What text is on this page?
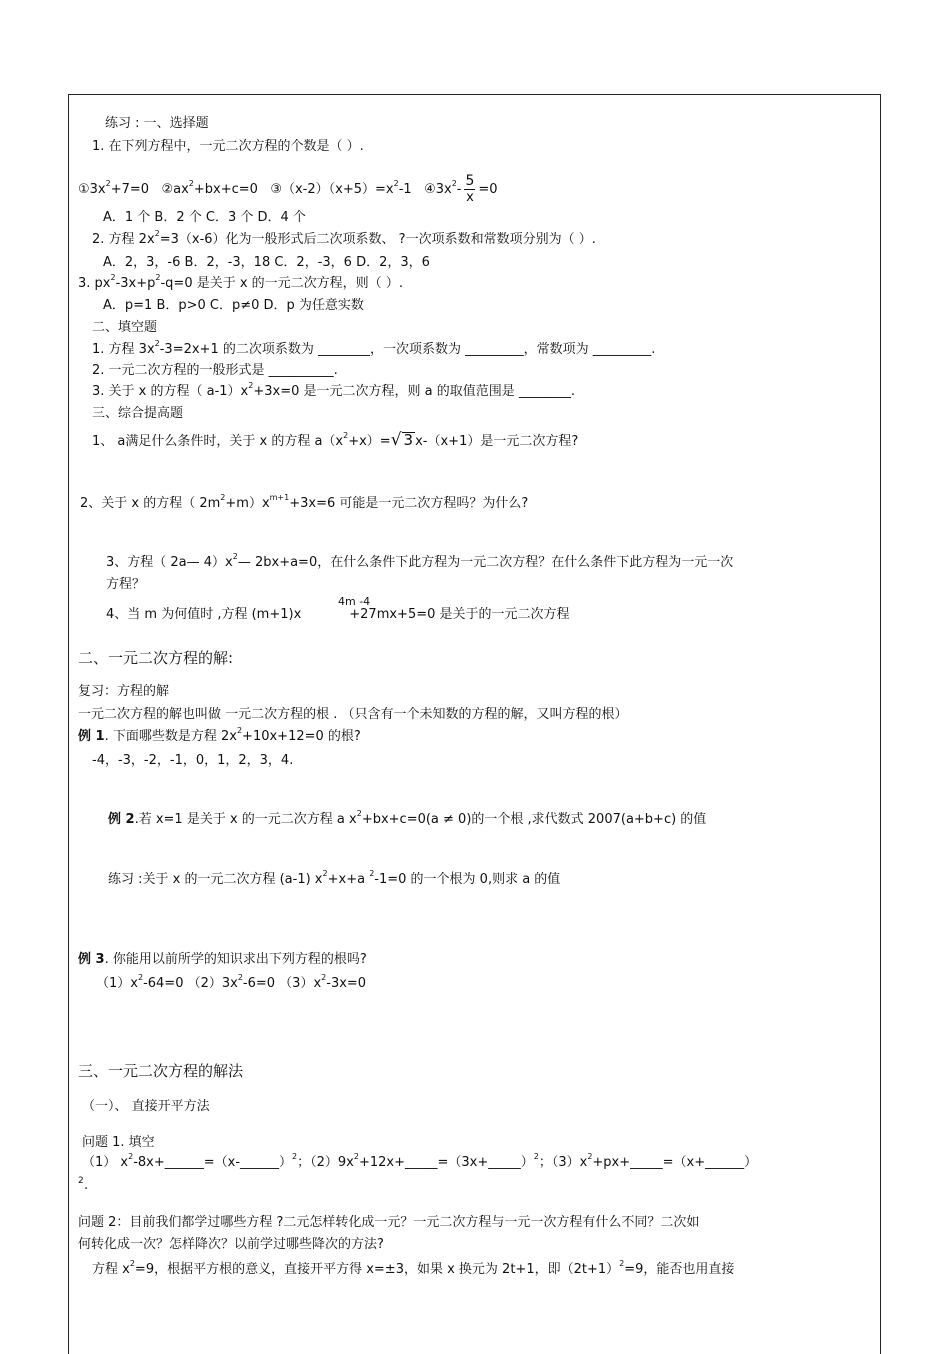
练习 : 一、选择题
1. 在下列方程中，一元二次方程的个数是（ ）.
$①3x^2+7=0$ $②ax^2+bx+c=0$ $③(x-2)(x+5)=x^2-1$ $④3x^2- \frac{5}{x} =0$
A．1 个 B．2 个 C．3 个 D．4 个
2. 方程 $2x^2=3(x-6)$化为一般形式后二次项系数、 ?一次项系数和常数项分别为（ ）.
A．2，3，-6 B．2，-3，18 C．2，-3，6 D．2，3，6
3. $px^2-3x+p^2-q=0$ 是关于 x 的一元二次方程，则（ ）.
A．p=1 B．p>0 C．p≠0 D．p 为任意实数
二、填空题
1. 方程 $3x^2-3=2x+1$ 的二次项系数为 ________，一次项系数为 _________，常数项为 _________.
2. 一元二次方程的一般形式是 __________.
3. 关于 x 的方程（ $a-1)x^2+3x=0$ 是一元二次方程，则 a 的取值范围是 ________.
三、综合提高题
1、 a满足什么条件时，关于 x 的方程 $a(x^2+x)=√$ 3 x-（x+1）是一元二次方程?
2、关于 x 的方程（ $2m^2+m)x^{m+1}+3x=6$ 可能是一元二次方程吗？为什么?
3、方程（ 2a— $4)x^2—$ 2bx+a=0，在什么条件下此方程为一元二次方程？在什么条件下此方程为一元一次
方程？
4m -4
4、当 m 为何值时 ,方程 (m+1)x	+27mx+5=0 是关于的一元二次方程
二、一元二次方程的解:
复习：方程的解
一元二次方程的解也叫做 一元二次方程的根 . （只含有一个未知数的方程的解，又叫方程的根）
例 1. 下面哪些数是方程 $2x^2+10x+12=0$ 的根?
-4，-3，-2，-1，0，1，2，3，4.
例 2.若 x=1 是关于 x 的一元二次方程 a $x^2+bx+c=0(a \ne 0)$的一个根 ,求代数式 2007(a+b+c) 的值
练习 :关于 x 的一元二次方程 (a-1) $x^2+x+a$ $^2$-1=0 的一个根为 0,则求 a 的值
例 3. 你能用以前所学的知识求出下列方程的根吗?
$(1)x^2-64=0$ $(2)3x^2-6=0$ $(3)x^2-3x=0$
三、一元二次方程的解法
（一）、 直接开平方法
问题 1. 填空
（1） $x^2-8x+\_\_\_\_\_\_=(x-\_\_\_\_\_\_)^2$；$(2)9x^2+12x+\_\_\_\_\_=(3x+\_\_\_\_\_)^2$；$(3)x^2+px+\_\_\_\_\_=(x+\_\_\_\_\_\_)$
2 .
问题 2：目前我们都学过哪些方程 ?二元怎样转化成一元？一元二次方程与一元一次方程有什么不同？二次如
何转化成一次？怎样降次？以前学过哪些降次的方法?
方程 $x^2=9$，根据平方根的意义，直接开平方得 x=±3，如果 x 换元为 2t+1，即$(2t+1)^2=9$，能否也用直接
